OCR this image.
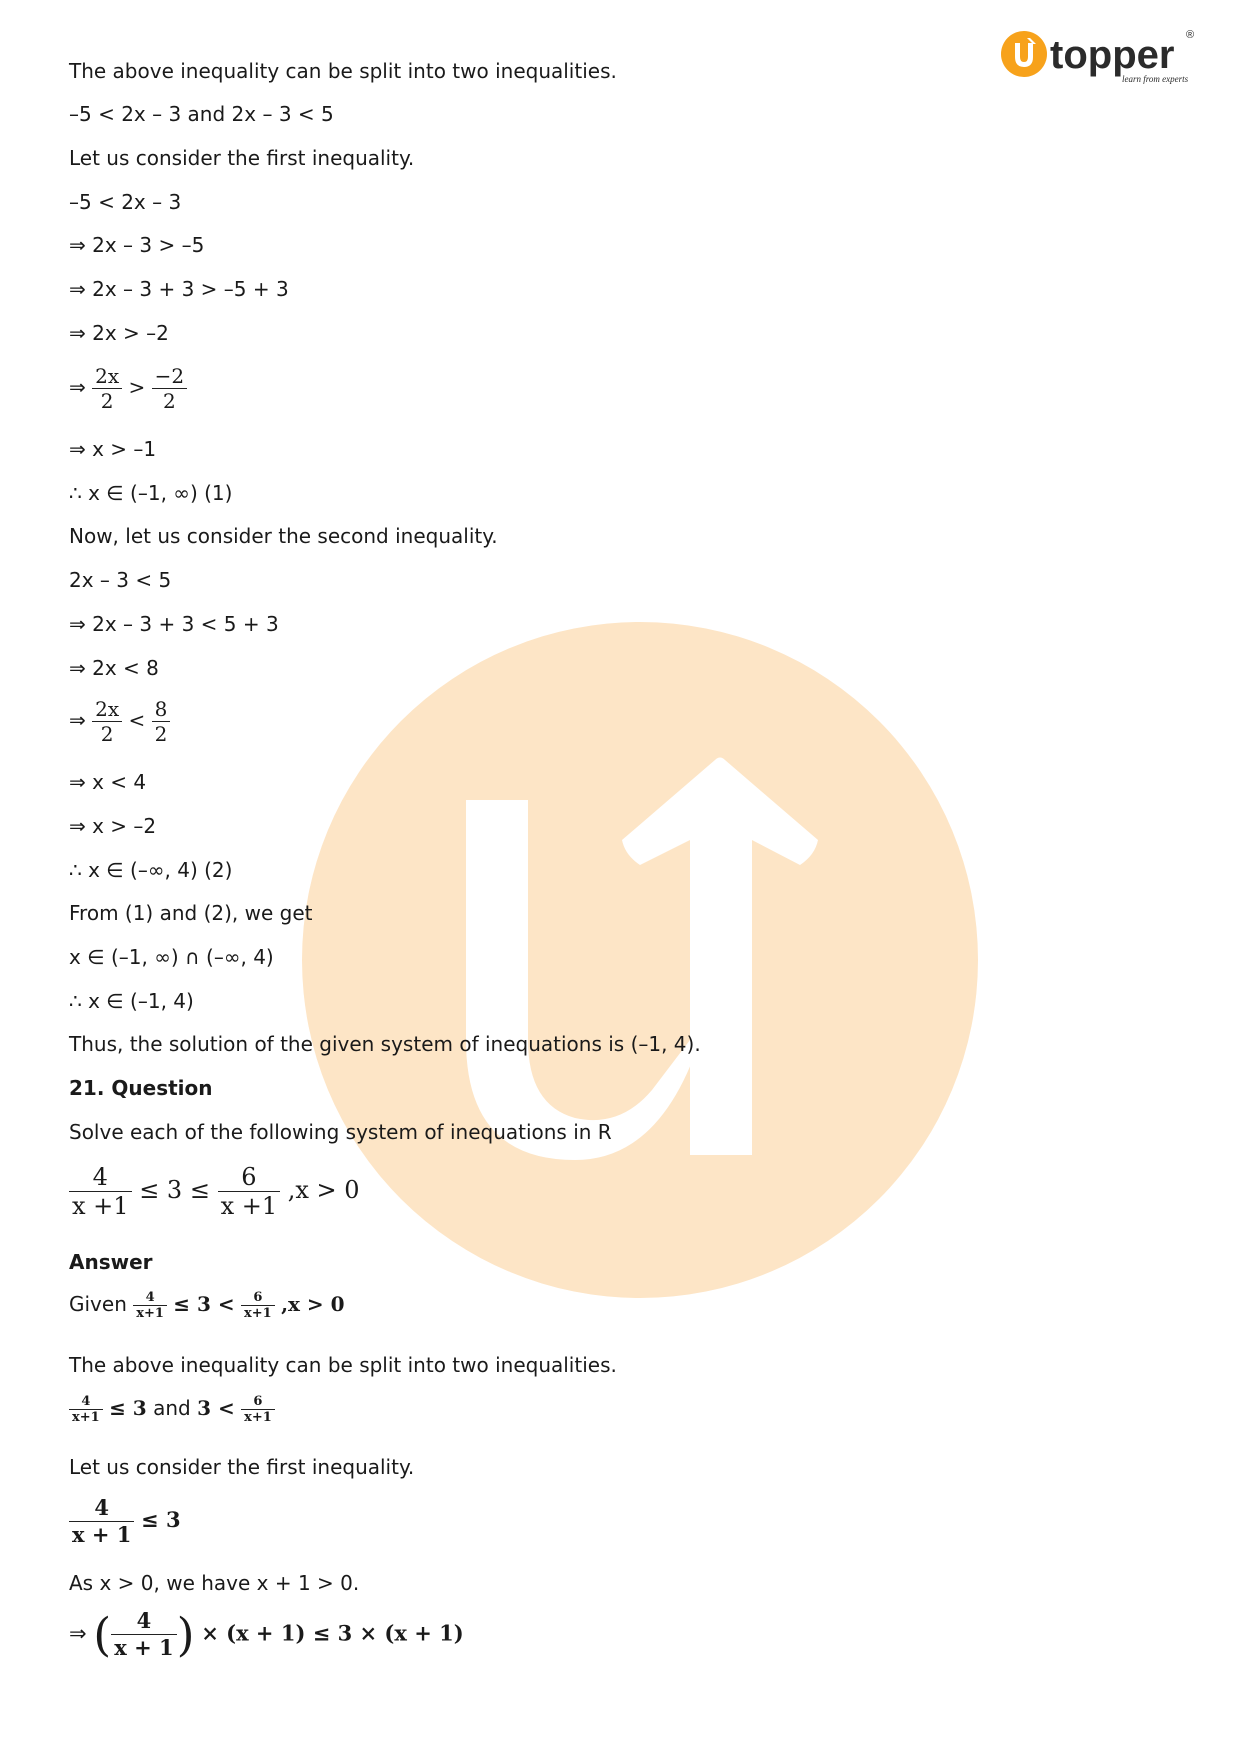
topper
learn from experts
®
The above inequality can be split into two inequalities.
–5 < 2x – 3 and 2x – 3 < 5
Let us consider the first inequality.
–5 < 2x – 3
⇒ 2x – 3 > –5
⇒ 2x – 3 + 3 > –5 + 3
⇒ 2x > –2
⇒ $\frac{2x}{2} > \frac{-2}{2}$
⇒ x > –1
∴ x ∈ (–1, ∞) (1)
Now, let us consider the second inequality.
2x – 3 < 5
⇒ 2x – 3 + 3 < 5 + 3
⇒ 2x < 8
⇒ $\frac{2x}{2} < \frac{8}{2}$
⇒ x < 4
⇒ x > –2
∴ x ∈ (–∞, 4) (2)
From (1) and (2), we get
x ∈ (–1, ∞) ∩ (–∞, 4)
∴ x ∈ (–1, 4)
Thus, the solution of the given system of inequations is (–1, 4).
21. Question
Solve each of the following system of inequations in R
$\frac{4}{x +1} \le 3 \le \frac{6}{x +1} ,x > 0$
Answer
Given $\frac{4}{x+1} \le 3 < \frac{6}{x+1} ,x > 0$
The above inequality can be split into two inequalities.
$\frac{4}{x+1} \le 3$ and $3 < \frac{6}{x+1}$
Let us consider the first inequality.
$\frac{4}{x + 1} \le 3$
As x > 0, we have x + 1 > 0.
⇒ ( $\frac{4}{x + 1}$ ) × (x + 1) ≤ 3 × (x + 1)
